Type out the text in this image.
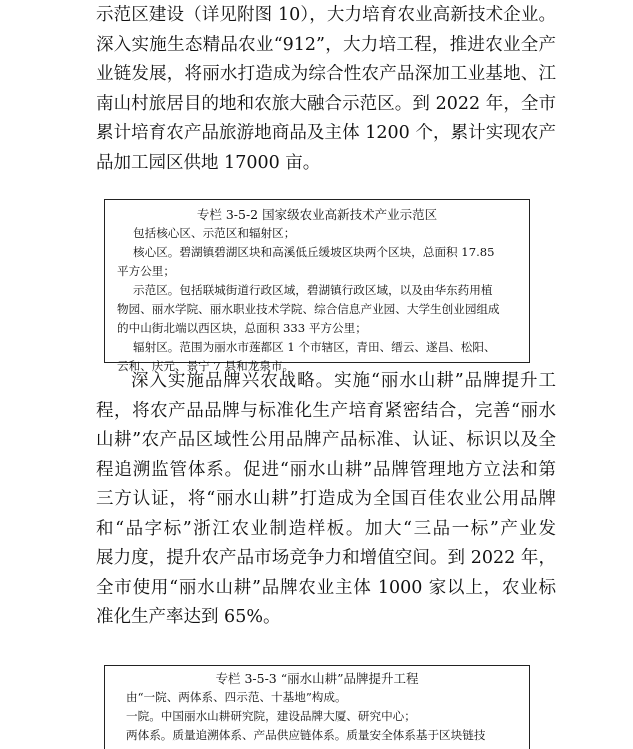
示范区建设（详见附图 10），大力培育农业高新技术企业。
深入实施生态精品农业“912”，大力培工程，推进农业全产
业链发展，将丽水打造成为综合性农产品深加工业基地、江
南山村旅居目的地和农旅大融合示范区。到 2022 年，全市
累计培育农产品旅游地商品及主体 1200 个，累计实现农产
品加工园区供地 17000 亩。
专栏 3-5-2 国家级农业高新技术产业示范区
包括核心区、示范区和辐射区；
核心区。碧湖镇碧湖区块和高溪低丘缓坡区块两个区块，总面积 17.85
平方公里；
示范区。包括联城街道行政区域，碧湖镇行政区域，以及由华东药用植
物园、丽水学院、丽水职业技术学院、综合信息产业园、大学生创业园组成
的中山街北端以西区块，总面积 333 平方公里；
辐射区。范围为丽水市莲都区 1 个市辖区，青田、缙云、遂昌、松阳、
云和、庆元、景宁 7 县和龙泉市。
深入实施品牌兴农战略。实施“丽水山耕”品牌提升工
程，将农产品品牌与标准化生产培育紧密结合，完善“丽水
山耕”农产品区域性公用品牌产品标准、认证、标识以及全
程追溯监管体系。促进“丽水山耕”品牌管理地方立法和第
三方认证，将“丽水山耕”打造成为全国百佳农业公用品牌
和“品字标”浙江农业制造样板。加大“三品一标”产业发
展力度，提升农产品市场竞争力和增值空间。到 2022 年，
全市使用“丽水山耕”品牌农业主体 1000 家以上，农业标
准化生产率达到 65%。
专栏 3-5-3 “丽水山耕”品牌提升工程
由“一院、两体系、四示范、十基地”构成。
一院。中国丽水山耕研究院，建设品牌大厦、研究中心；
两体系。质量追溯体系、产品供应链体系。质量安全体系基于区块链技
